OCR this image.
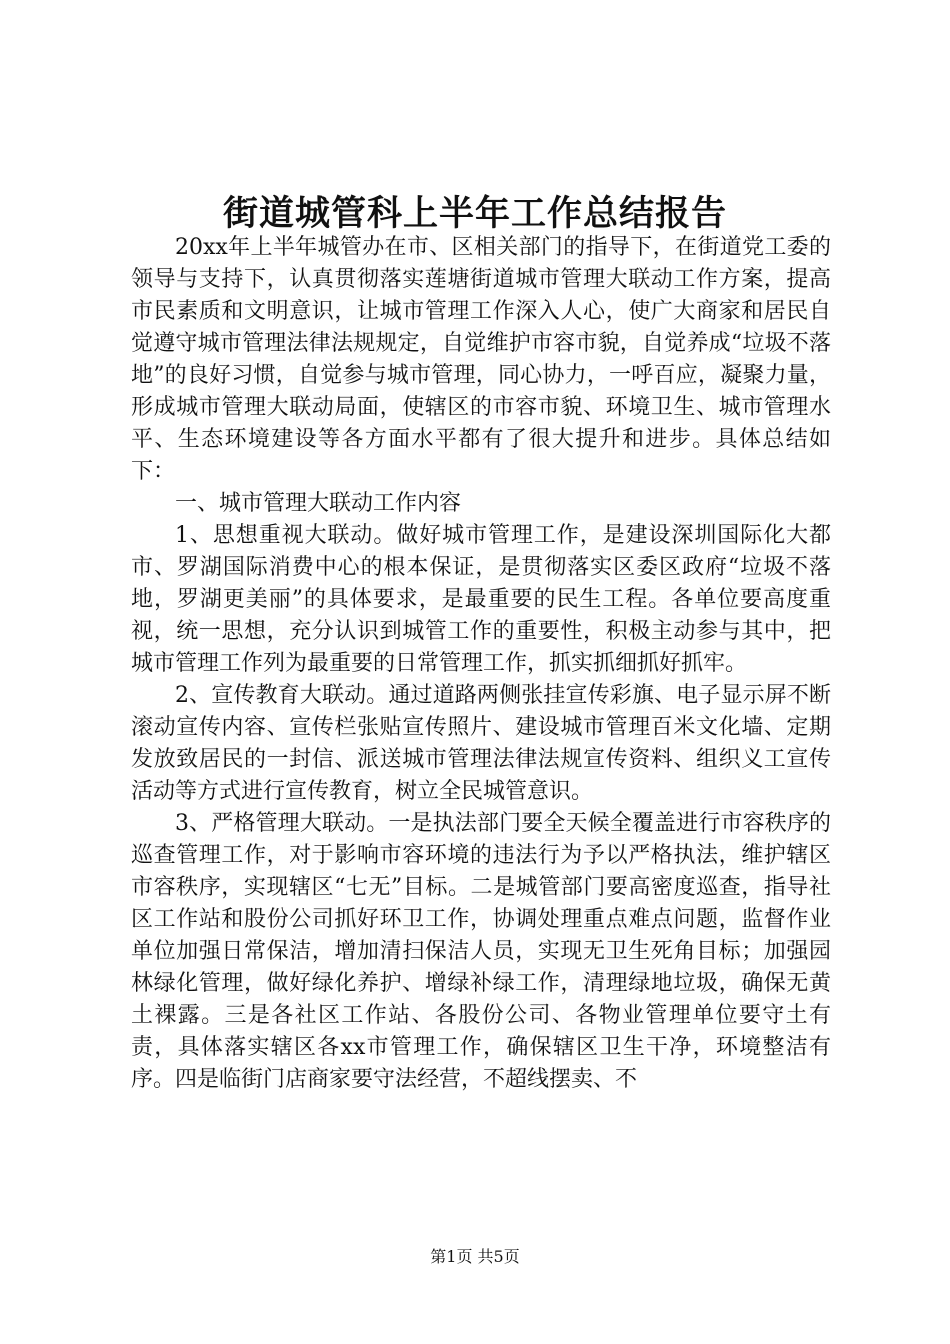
街道城管科上半年工作总结报告

20xx年上半年城管办在市、区相关部门的指导下，在街道党工委的领导与支持下，认真贯彻落实莲塘街道城市管理大联动工作方案，提高市民素质和文明意识，让城市管理工作深入人心，使广大商家和居民自觉遵守城市管理法律法规规定，自觉维护市容市貌，自觉养成“垃圾不落地”的良好习惯，自觉参与城市管理，同心协力，一呼百应，凝聚力量，形成城市管理大联动局面，使辖区的市容市貌、环境卫生、城市管理水平、生态环境建设等各方面水平都有了很大提升和进步。具体总结如下：

一、城市管理大联动工作内容

1、思想重视大联动。做好城市管理工作，是建设深圳国际化大都市、罗湖国际消费中心的根本保证，是贯彻落实区委区政府“垃圾不落地，罗湖更美丽”的具体要求，是最重要的民生工程。各单位要高度重视，统一思想，充分认识到城管工作的重要性，积极主动参与其中，把城市管理工作列为最重要的日常管理工作，抓实抓细抓好抓牢。

2、宣传教育大联动。通过道路两侧张挂宣传彩旗、电子显示屏不断滚动宣传内容、宣传栏张贴宣传照片、建设城市管理百米文化墙、定期发放致居民的一封信、派送城市管理法律法规宣传资料、组织义工宣传活动等方式进行宣传教育，树立全民城管意识。

3、严格管理大联动。一是执法部门要全天候全覆盖进行市容秩序的巡查管理工作，对于影响市容环境的违法行为予以严格执法，维护辖区市容秩序，实现辖区“七无”目标。二是城管部门要高密度巡查，指导社区工作站和股份公司抓好环卫工作，协调处理重点难点问题，监督作业单位加强日常保洁，增加清扫保洁人员，实现无卫生死角目标；加强园林绿化管理，做好绿化养护、增绿补绿工作，清理绿地垃圾，确保无黄土裸露。三是各社区工作站、各股份公司、各物业管理单位要守土有责，具体落实辖区各xx市管理工作，确保辖区卫生干净，环境整洁有序。四是临街门店商家要守法经营，不超线摆卖、不

第1页 共5页
